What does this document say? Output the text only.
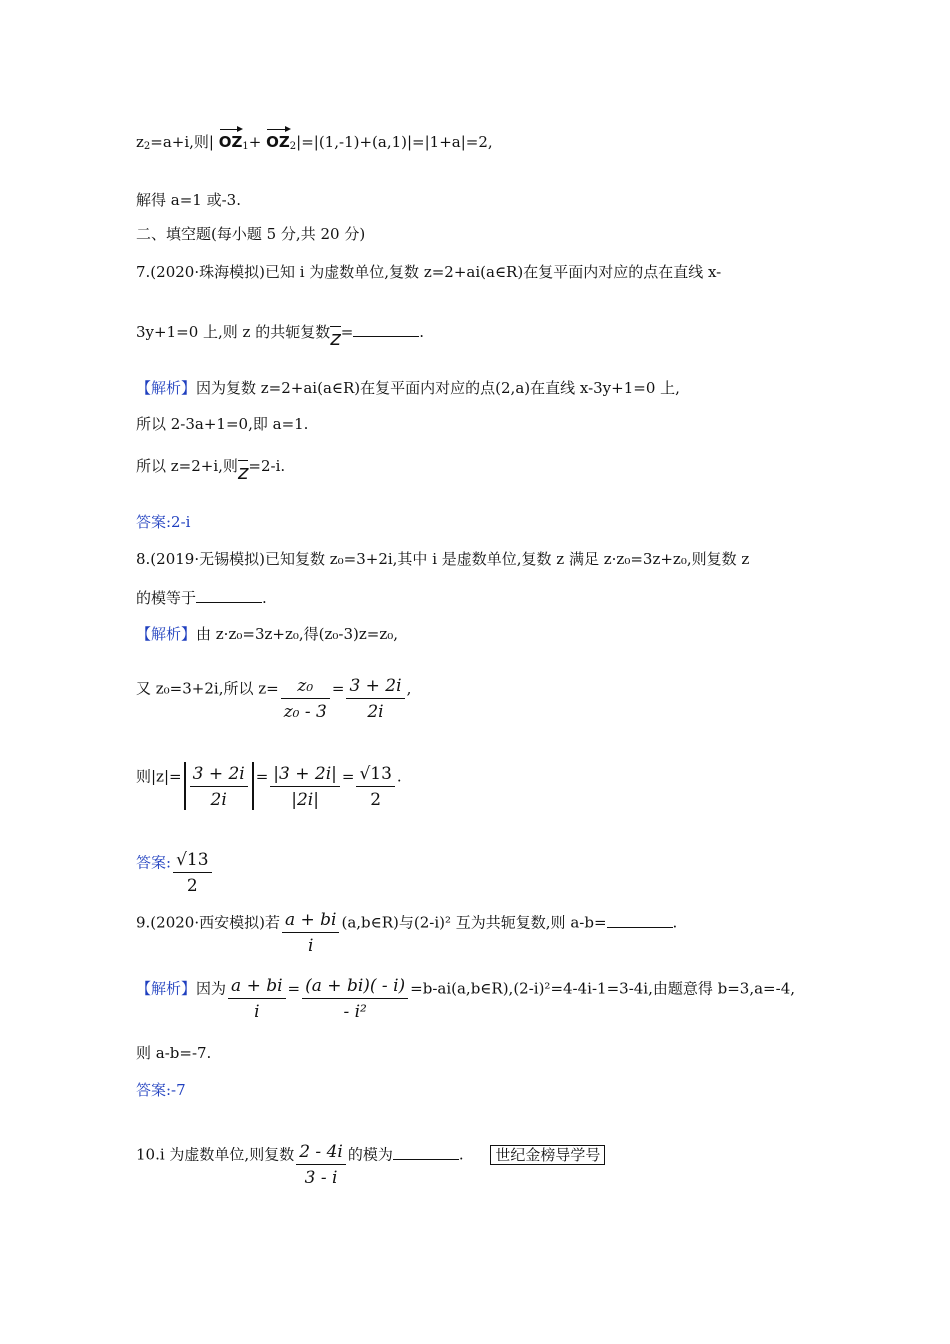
$z_2=a+i$,则| $OZ_1+ OZ_2|=|(1,-1)+(a,1)|=|1+a|=2$,
解得 a=1 或-3.
二、填空题(每小题 5 分,共 20 分)
7.(2020·珠海模拟)已知 i 为虚数单位,复数 z=2+ai(a∈R)在复平面内对应的点在直线 x-
3y+1=0 上,则 z 的共轭复数z=	.
【解析】因为复数 z=2+ai(a∈R)在复平面内对应的点(2,a)在直线 x-3y+1=0 上,
所以 2-3a+1=0,即 a=1.
所以 z=2+i,则z=2-i.
答案:2-i
8.(2019·无锡模拟)已知复数 z₀=3+2i,其中 i 是虚数单位,复数 z 满足 z·z₀=3z+z₀,则复数 z
的模等于	.
【解析】由 z·z₀=3z+z₀,得(z₀-3)z=z₀,
又 z₀=3+2i,所以 $z= \frac{\text{z₀}}{\text{z₀ - 3}} = \frac{3 + 2i}{2i}$ ,
则$|z|= \frac{3 + 2i}{2i} = \frac{|3 + 2i|}{|2i|} = \frac{√13}{2}$ .
答案: $\frac{√13}{2}$
9.(2020·西安模拟)若 $\frac{a + bi}{i}$ (a,b∈R)与(2-i)² 互为共轭复数,则 a-b=	.
【解析】因为 $\frac{a + bi}{i} = \frac{(a + bi)( - i)}{\text{- i²}}$ =b-ai(a,b∈R),(2-i)²=4-4i-1=3-4i,由题意得 b=3,a=-4,
则 a-b=-7.
答案:-7
10.i 为虚数单位,则复数 $\frac{2 - 4i}{3 - i}$ 的模为	. 世纪金榜导学号
